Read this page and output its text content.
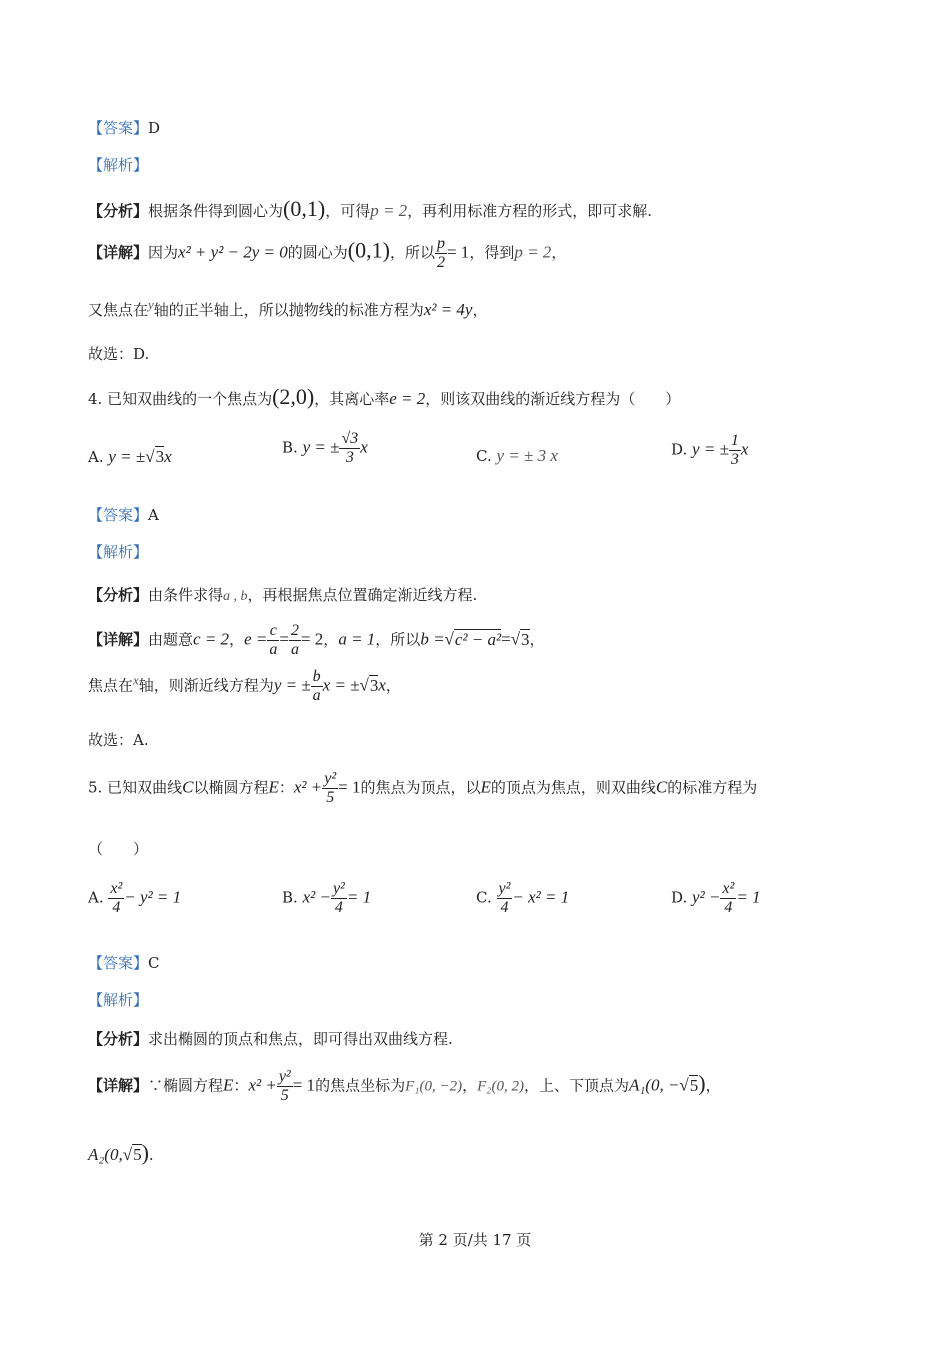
【答案】D
【解析】
【分析】根据条件得到圆心为(0,1)，可得p = 2，再利用标准方程的形式，即可求解.
【详解】因为x² + y² − 2y = 0的圆心为(0,1)，所以 $\frac{p}{2} = 1$，得到p = 2，
又焦点在y轴的正半轴上，所以抛物线的标准方程为x² = 4y，
故选：D.
4. 已知双曲线的一个焦点为(2,0)，其离心率e = 2，则该双曲线的渐近线方程为（　　）
A. y = ±√3x	B. y = ± $\frac{√3}{3}$ x	C. y = ± 3 x	D. y = ± $\frac{1}{3}$ x
【答案】A
【解析】
【分析】由条件求得a , b，再根据焦点位置确定渐近线方程.
【详解】由题意c = 2，$e = \frac{c}{a} = \frac{2}{a} = 2$，a = 1，所以b =√c² − a²=√3，
焦点在x轴，则渐近线方程为y = ± $\frac{b}{a}$ x = ±√3x，
故选：A.
5. 已知双曲线C以椭圆方程E：$x^2 + \frac{\text{y²}}{5} = 1$的焦点为顶点，以E的顶点为焦点，则双曲线C的标准方程为
（　　）
A. $\frac{\text{x²}}{4} - y^2 = 1$	B. $x^2 - \frac{\text{y²}}{4} = 1$	C. $\frac{\text{y²}}{4} - x^2 = 1$	D. $y^2 - \frac{\text{x²}}{4} = 1$
【答案】C
【解析】
【分析】求出椭圆的顶点和焦点，即可得出双曲线方程.
【详解】∵椭圆方程E：$x^2 + \frac{\text{y²}}{5} = 1$的焦点坐标为F₁(0, −2)，F₂(0, 2)，上、下顶点为A₁(0, −√5)，
A₂(0,√5).
第 2 页/共 17 页
